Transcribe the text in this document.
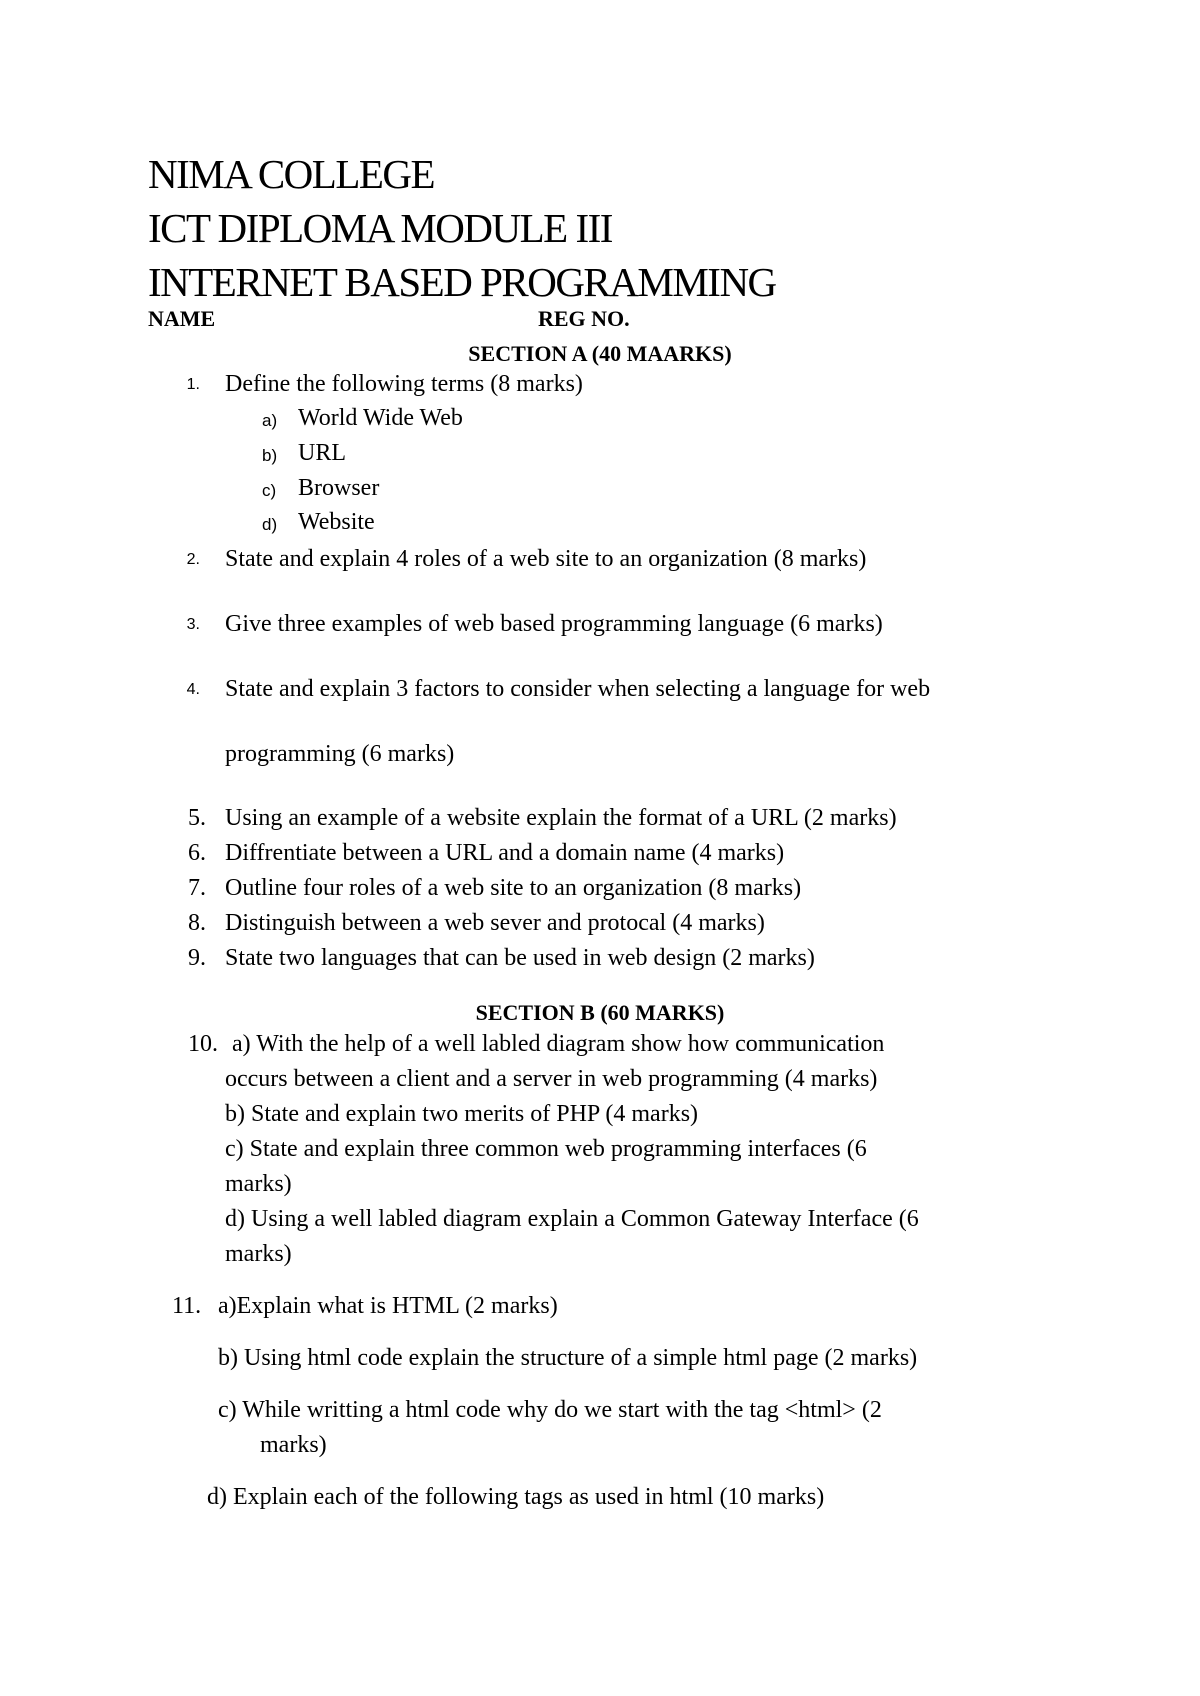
NIMA COLLEGE
ICT DIPLOMA MODULE III
INTERNET BASED PROGRAMMING
NAME	REG NO.
SECTION A (40 MAARKS)
1. Define the following terms (8 marks)
a) World Wide Web
b) URL
c) Browser
d) Website
2. State and explain 4 roles of a web site to an organization (8 marks)
3. Give three examples of web based programming language (6 marks)
4. State and explain 3 factors to consider when selecting a language for web
programming (6 marks)
5. Using an example of a website explain the format of a URL (2 marks)
6. Diffrentiate between a URL and a domain name (4 marks)
7. Outline four roles of a web site to an organization (8 marks)
8. Distinguish between a web sever and protocal (4 marks)
9. State two languages that can be used in web design (2 marks)
SECTION B (60 MARKS)
10. a) With the help of a well labled diagram show how communication
occurs between a client and a server in web programming (4 marks)
b) State and explain two merits of PHP (4 marks)
c) State and explain three common web programming interfaces (6
marks)
d) Using a well labled diagram explain a Common Gateway Interface (6
marks)
11. a)Explain what is HTML (2 marks)
b) Using html code explain the structure of a simple html page (2 marks)
c) While writting a html code why do we start with the tag <html> (2
marks)
d) Explain each of the following tags as used in html (10 marks)
